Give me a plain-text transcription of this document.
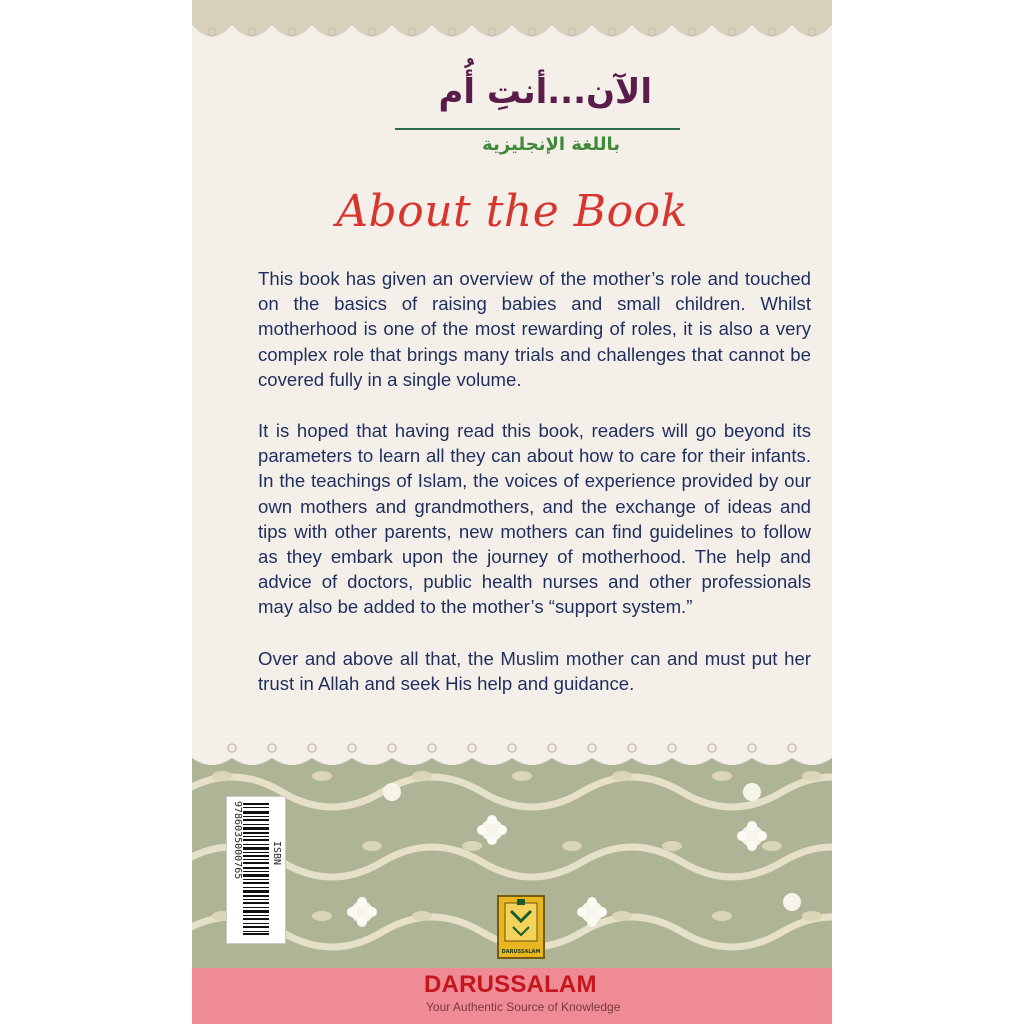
الآن...أنتِ أُم
باللغة الإنجليزية
About the Book

This book has given an overview of the mother’s role and touched on the basics of raising babies and small children. Whilst motherhood is one of the most rewarding of roles, it is also a very complex role that brings many trials and challenges that cannot be covered fully in a single volume.

It is hoped that having read this book, readers will go beyond its parameters to learn all they can about how to care for their infants. In the teachings of Islam, the voices of experience provided by our own mothers and grandmothers, and the exchange of ideas and tips with other parents, new mothers can find guidelines to follow as they embark upon the journey of motherhood. The help and advice of doctors, public health nurses and other professionals may also be added to the mother’s “support system.”

Over and above all that, the Muslim mother can and must put her trust in Allah and seek His help and guidance.

9786035000765	ISBN
DARUSSALAM
DARUSSALAM
Your Authentic Source of Knowledge
